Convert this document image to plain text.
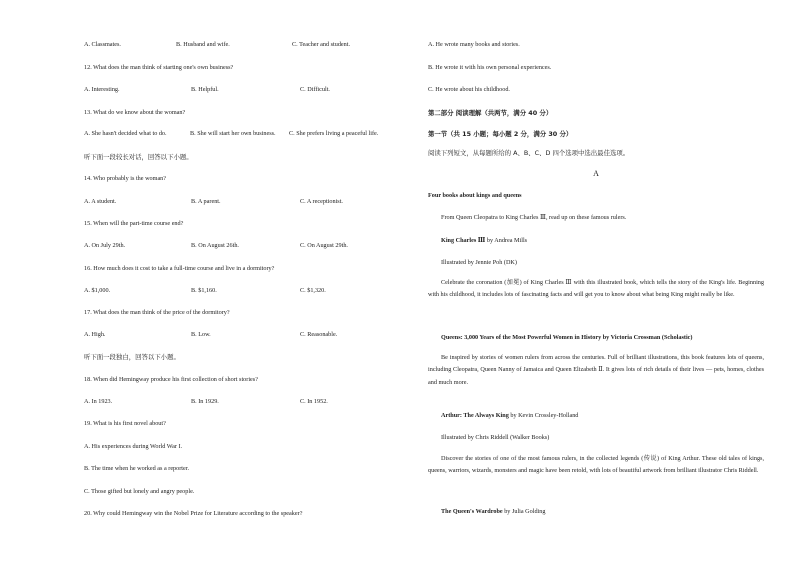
A. Classmates.	B. Husband and wife.	C. Teacher and student.
12. What does the man think of starting one's own business?
A. Interesting.	B. Helpful.	C. Difficult.
13. What do we know about the woman?
A. She hasn't decided what to do.	B. She will start her own business. C. She prefers living a peaceful life.
听下面一段较长对话，回答以下小题。
14. Who probably is the woman?
A. A student.	B. A parent.	C. A receptionist.
15. When will the part-time course end?
A. On July 29th.	B. On August 26th.	C. On August 29th.
16. How much does it cost to take a full-time course and live in a dormitory?
A. $1,000.	B. $1,160.	C. $1,320.
17. What does the man think of the price of the dormitory?
A. High.	B. Low.	C. Reasonable.
听下面一段独白，回答以下小题。
18. When did Hemingway produce his first collection of short stories?
A. In 1923.	B. In 1929.	C. In 1952.
19. What is his first novel about?
A. His experiences during World War I.
B. The time when he worked as a reporter.
C. Those gifted but lonely and angry people.
20. Why could Hemingway win the Nobel Prize for Literature according to the speaker?
A. He wrote many books and stories.
B. He wrote it with his own personal experiences.
C. He wrote about his childhood.
第二部分 阅读理解（共两节，满分 40 分）
第一节（共 15 小题；每小题 2 分，满分 30 分）
阅读下列短文，从每题所给的 A、B、C、D 四个选项中选出最佳选项。
A
Four books about kings and queens
From Queen Cleopatra to King Charles Ⅲ, read up on these famous rulers.
King Charles Ⅲ by Andrea Mills
Illustrated by Jennie Poh (DK)
Celebrate the coronation (加冕) of King Charles Ⅲ with this illustrated book, which tells the story of the King's life. Beginning with his childhood, it includes lots of fascinating facts and will get you to know about what being King might really be like.
Queens: 3,000 Years of the Most Powerful Women in History by Victoria Crossman (Scholastic)
Be inspired by stories of women rulers from across the centuries. Full of brilliant illustrations, this book features lots of queens, including Cleopatra, Queen Nanny of Jamaica and Queen Elizabeth Ⅱ. It gives lots of rich details of their lives — pets, homes, clothes and much more.
Arthur: The Always King by Kevin Crossley-Holland
Illustrated by Chris Riddell (Walker Books)
Discover the stories of one of the most famous rulers, in the collected legends (传说) of King Arthur. These old tales of kings, queens, warriors, wizards, monsters and magic have been retold, with lots of beautiful artwork from brilliant illustrator Chris Riddell.
The Queen's Wardrobe by Julia Golding
